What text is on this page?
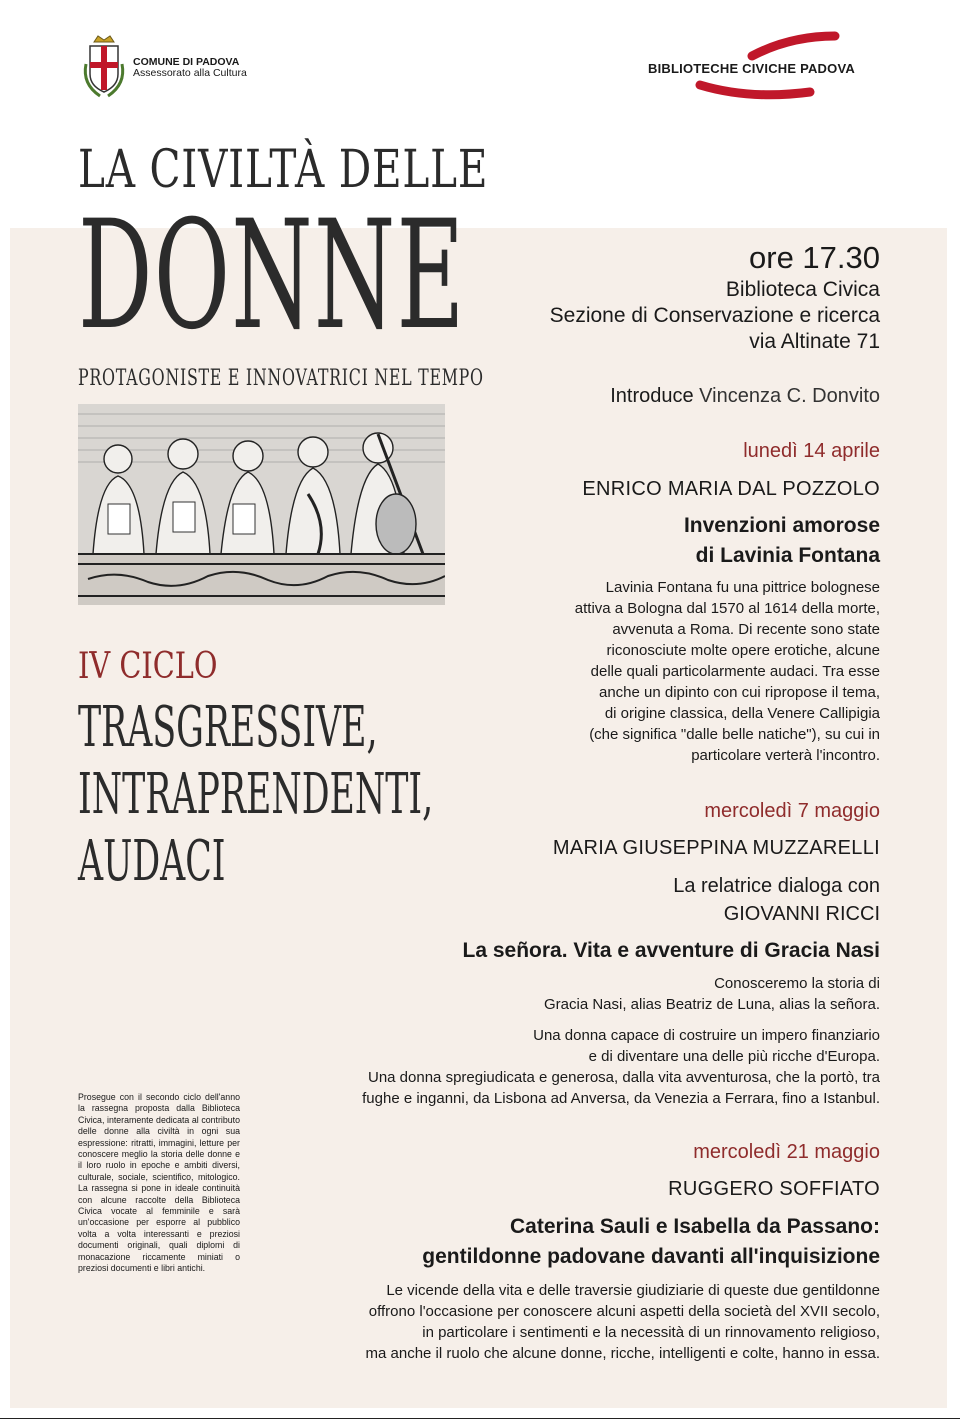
COMUNE DI PADOVA
Assessorato alla Cultura	BIBLIOTECHE CIVICHE PADOVA
LA CIVILTÀ DELLE
DONNE
PROTAGONISTE E INNOVATRICI NEL TEMPO
IV CICLO
TRASGRESSIVE,
INTRAPRENDENTI,
AUDACI
Prosegue con il secondo ciclo dell'anno la rassegna proposta dalla Biblioteca Civica, interamente dedicata al contributo delle donne alla civiltà in ogni sua espressione: ritratti, immagini, letture per conoscere meglio la storia delle donne e il loro ruolo in epoche e ambiti diversi, culturale, sociale, scientifico, mitologico. La rassegna si pone in ideale continuità con alcune raccolte della Biblioteca Civica vocate al femminile e sarà un'occasione per esporre al pubblico volta a volta interessanti e preziosi documenti originali, quali diplomi di monacazione riccamente miniati o preziosi documenti e libri antichi.
ore 17.30
Biblioteca Civica
Sezione di Conservazione e ricerca
via Altinate 71
Introduce Vincenza C. Donvito
lunedì 14 aprile
ENRICO MARIA DAL POZZOLO
Invenzioni amorose
di Lavinia Fontana
Lavinia Fontana fu una pittrice bolognese
attiva a Bologna dal 1570 al 1614 della morte,
avvenuta a Roma. Di recente sono state
riconosciute molte opere erotiche, alcune
delle quali particolarmente audaci. Tra esse
anche un dipinto con cui ripropose il tema,
di origine classica, della Venere Callipigia
(che significa "dalle belle natiche"), su cui in
particolare verterà l'incontro.
mercoledì 7 maggio
MARIA GIUSEPPINA MUZZARELLI
La relatrice dialoga con
GIOVANNI RICCI
La señora. Vita e avventure di Gracia Nasi
Conosceremo la storia di
Gracia Nasi, alias Beatriz de Luna, alias la señora.
Una donna capace di costruire un impero finanziario
e di diventare una delle più ricche d'Europa.
Una donna spregiudicata e generosa, dalla vita avventurosa, che la portò, tra
fughe e inganni, da Lisbona ad Anversa, da Venezia a Ferrara, fino a Istanbul.
mercoledì 21 maggio
RUGGERO SOFFIATO
Caterina Sauli e Isabella da Passano:
gentildonne padovane davanti all'inquisizione
Le vicende della vita e delle traversie giudiziarie di queste due gentildonne
offrono l'occasione per conoscere alcuni aspetti della società del XVII secolo,
in particolare i sentimenti e la necessità di un rinnovamento religioso,
ma anche il ruolo che alcune donne, ricche, intelligenti e colte, hanno in essa.
